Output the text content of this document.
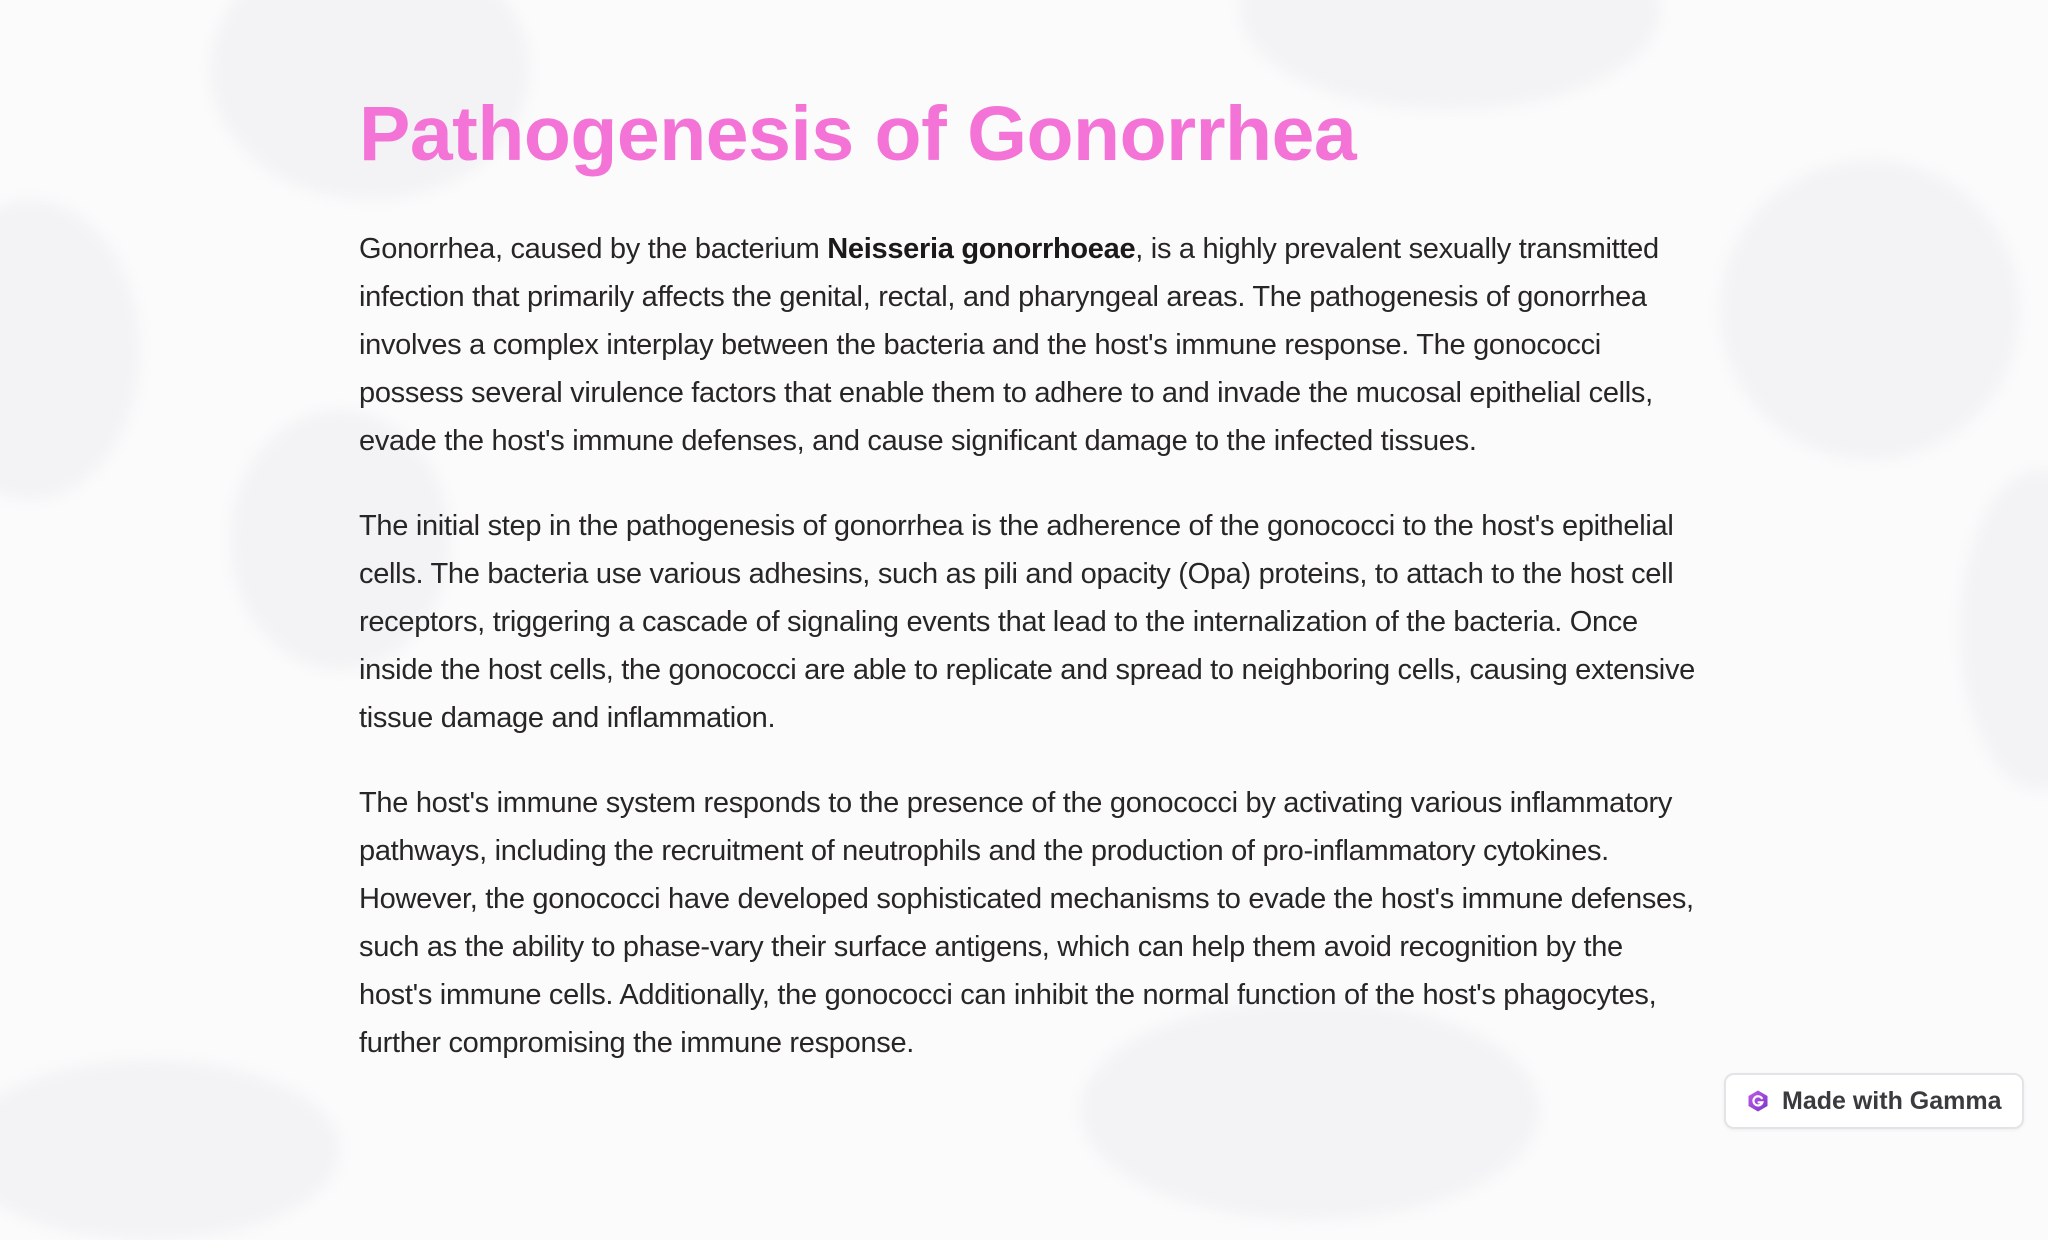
Pathogenesis of Gonorrhea

Gonorrhea, caused by the bacterium Neisseria gonorrhoeae, is a highly prevalent sexually transmitted infection that primarily affects the genital, rectal, and pharyngeal areas. The pathogenesis of gonorrhea involves a complex interplay between the bacteria and the host's immune response. The gonococci possess several virulence factors that enable them to adhere to and invade the mucosal epithelial cells, evade the host's immune defenses, and cause significant damage to the infected tissues.

The initial step in the pathogenesis of gonorrhea is the adherence of the gonococci to the host's epithelial cells. The bacteria use various adhesins, such as pili and opacity (Opa) proteins, to attach to the host cell receptors, triggering a cascade of signaling events that lead to the internalization of the bacteria. Once inside the host cells, the gonococci are able to replicate and spread to neighboring cells, causing extensive tissue damage and inflammation.

The host's immune system responds to the presence of the gonococci by activating various inflammatory pathways, including the recruitment of neutrophils and the production of pro-inflammatory cytokines. However, the gonococci have developed sophisticated mechanisms to evade the host's immune defenses, such as the ability to phase-vary their surface antigens, which can help them avoid recognition by the host's immune cells. Additionally, the gonococci can inhibit the normal function of the host's phagocytes, further compromising the immune response.

Made with Gamma
